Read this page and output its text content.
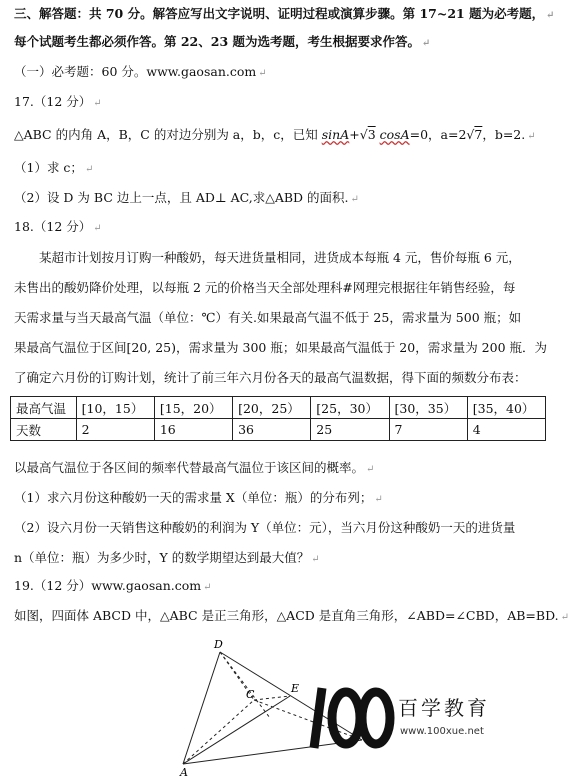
三、解答题：共 70 分。解答应写出文字说明、证明过程或演算步骤。第 17~21 题为必考题， ↵
每个试题考生都必须作答。第 22、23 题为选考题，考生根据要求作答。 ↵
（一）必考题：60 分。www.gaosan.com ↵
17.（12 分） ↵
△ABC 的内角 A，B，C 的对边分别为 a，b，c，已知 sinA+√3 cosA=0，a=2√7，b=2. ↵
（1）求 c； ↵
（2）设 D 为 BC 边上一点，且 AD⊥ AC,求△ABD 的面积. ↵
18.（12 分） ↵
　　某超市计划按月订购一种酸奶，每天进货量相同，进货成本每瓶 4 元，售价每瓶 6 元，
未售出的酸奶降价处理，以每瓶 2 元的价格当天全部处理科#网理完根据往年销售经验，每
天需求量与当天最高气温（单位：℃）有关.如果最高气温不低于 25，需求量为 500 瓶；如
果最高气温位于区间[20, 25)，需求量为 300 瓶；如果最高气温低于 20，需求量为 200 瓶．为
了确定六月份的订购计划，统计了前三年六月份各天的最高气温数据，得下面的频数分布表：
最高气温	[10，15）	[15，20）	[20，25）	[25，30）	[30，35）	[35，40）
天数	2	16	36	25	7	4
以最高气温位于各区间的频率代替最高气温位于该区间的概率。 ↵
（1）求六月份这种酸奶一天的需求量 X（单位：瓶）的分布列； ↵
（2）设六月份一天销售这种酸奶的利润为 Y（单位：元），当六月份这种酸奶一天的进货量
n（单位：瓶）为多少时，Y 的数学期望达到最大值？ ↵
19.（12 分）www.gaosan.com ↵
如图，四面体 ABCD 中，△ABC 是正三角形，△ACD 是直角三角形，∠ABD=∠CBD，AB=BD. ↵
D
C	E
A
百学教育
www.100xue.net
